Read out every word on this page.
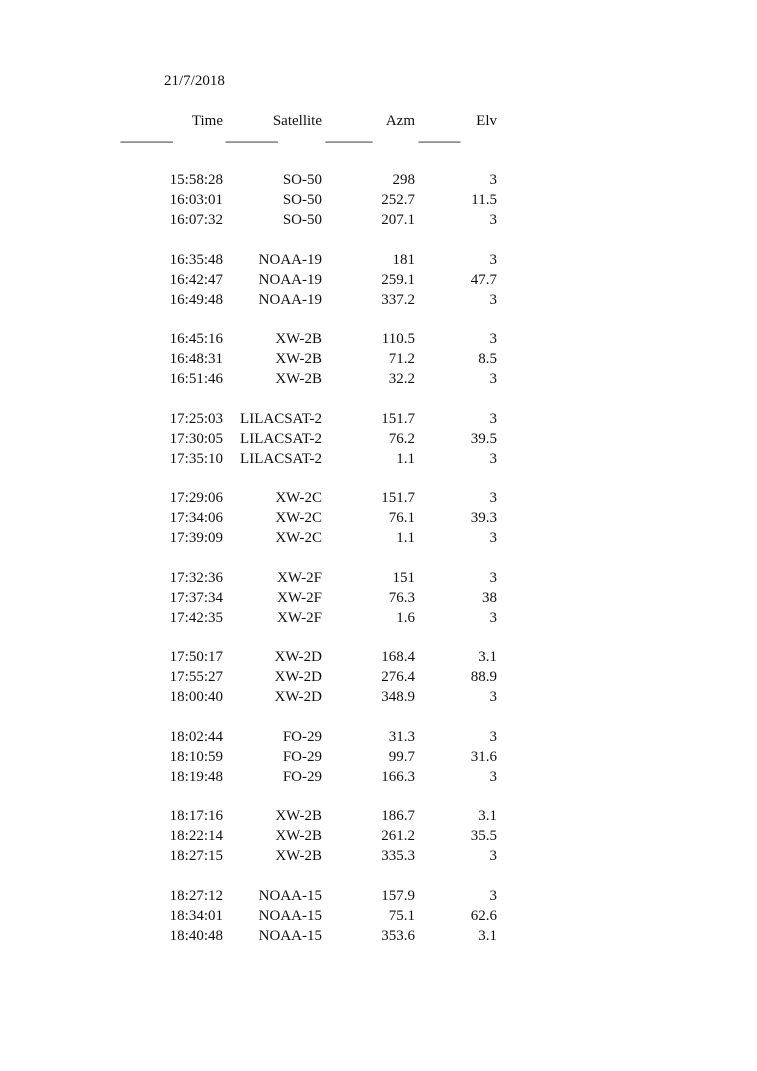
21/7/2018
Time	Satellite	Azm	Elv
--------------------	--------------------	------------------	----------------
15:58:28	SO-50	298	3
16:03:01	SO-50	252.7	11.5
16:07:32	SO-50	207.1	3
16:35:48	NOAA-19	181	3
16:42:47	NOAA-19	259.1	47.7
16:49:48	NOAA-19	337.2	3
16:45:16	XW-2B	110.5	3
16:48:31	XW-2B	71.2	8.5
16:51:46	XW-2B	32.2	3
17:25:03	LILACSAT-2	151.7	3
17:30:05	LILACSAT-2	76.2	39.5
17:35:10	LILACSAT-2	1.1	3
17:29:06	XW-2C	151.7	3
17:34:06	XW-2C	76.1	39.3
17:39:09	XW-2C	1.1	3
17:32:36	XW-2F	151	3
17:37:34	XW-2F	76.3	38
17:42:35	XW-2F	1.6	3
17:50:17	XW-2D	168.4	3.1
17:55:27	XW-2D	276.4	88.9
18:00:40	XW-2D	348.9	3
18:02:44	FO-29	31.3	3
18:10:59	FO-29	99.7	31.6
18:19:48	FO-29	166.3	3
18:17:16	XW-2B	186.7	3.1
18:22:14	XW-2B	261.2	35.5
18:27:15	XW-2B	335.3	3
18:27:12	NOAA-15	157.9	3
18:34:01	NOAA-15	75.1	62.6
18:40:48	NOAA-15	353.6	3.1
